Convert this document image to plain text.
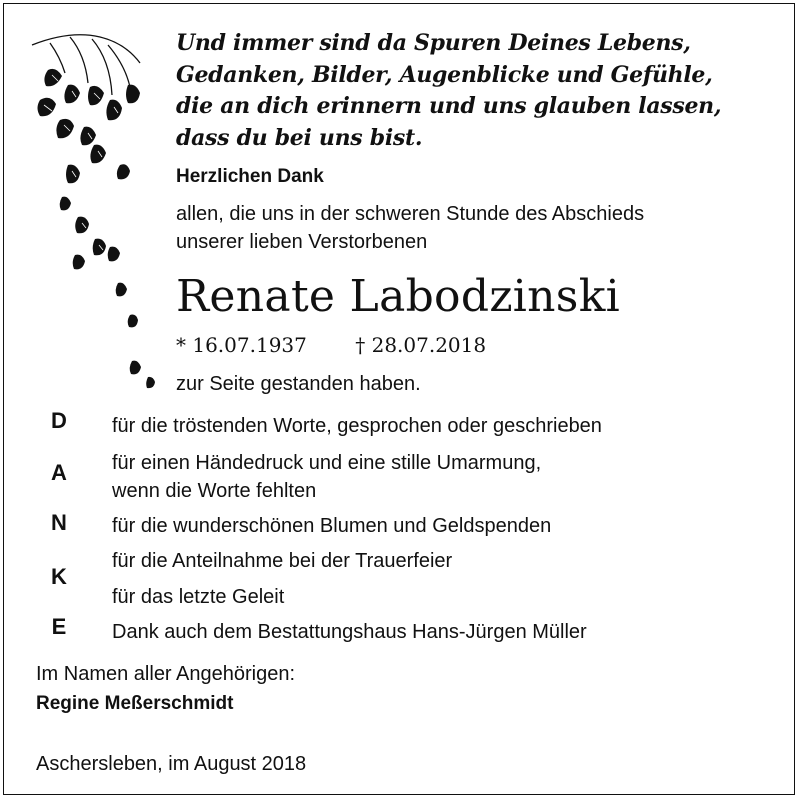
Und immer sind da Spuren Deines Lebens,
Gedanken, Bilder, Augenblicke und Gefühle,
die an dich erinnern und uns glauben lassen,
dass du bei uns bist.
Herzlichen Dank
allen, die uns in der schweren Stunde des Abschieds
unserer lieben Verstorbenen
Renate Labodzinski
* 16.07.1937 † 28.07.2018
zur Seite gestanden haben.
D
A
N
K
E
für die tröstenden Worte, gesprochen oder geschrieben
für einen Händedruck und eine stille Umarmung,
wenn die Worte fehlten
für die wunderschönen Blumen und Geldspenden
für die Anteilnahme bei der Trauerfeier
für das letzte Geleit
Dank auch dem Bestattungshaus Hans-Jürgen Müller
Im Namen aller Angehörigen:
Regine Meßerschmidt
Aschersleben, im August 2018
